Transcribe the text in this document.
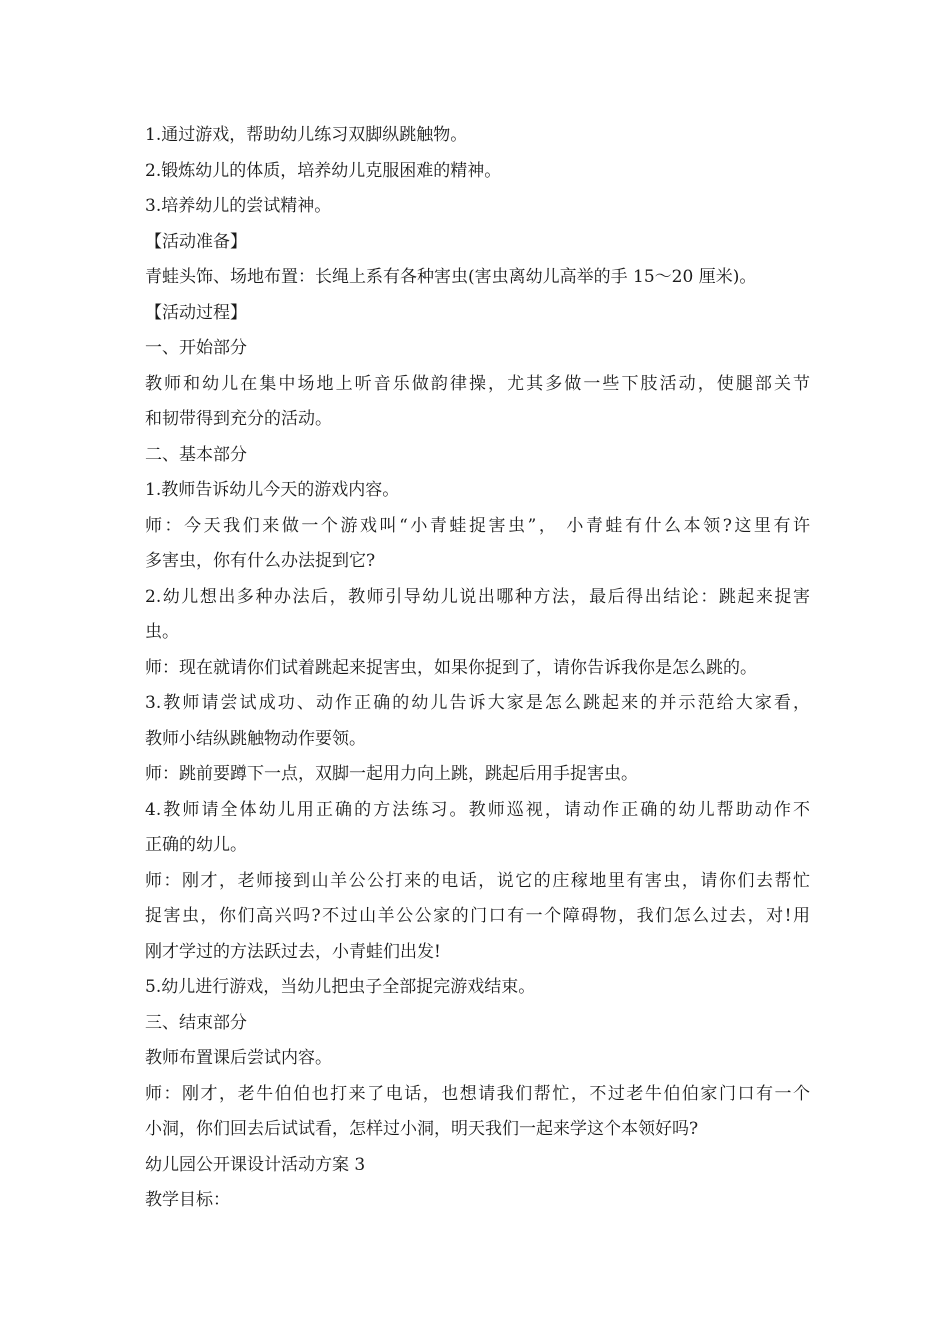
1.通过游戏，帮助幼儿练习双脚纵跳触物。
2.锻炼幼儿的体质，培养幼儿克服困难的精神。
3.培养幼儿的尝试精神。
【活动准备】
青蛙头饰、场地布置：长绳上系有各种害虫(害虫离幼儿高举的手 15～20 厘米)。
【活动过程】
一、开始部分
教师和幼儿在集中场地上听音乐做韵律操，尤其多做一些下肢活动，使腿部关节
和韧带得到充分的活动。
二、基本部分
1.教师告诉幼儿今天的游戏内容。
师：今天我们来做一个游戏叫“小青蛙捉害虫”， 小青蛙有什么本领?这里有许
多害虫，你有什么办法捉到它?
2.幼儿想出多种办法后，教师引导幼儿说出哪种方法，最后得出结论：跳起来捉害
虫。
师：现在就请你们试着跳起来捉害虫，如果你捉到了，请你告诉我你是怎么跳的。
3.教师请尝试成功、动作正确的幼儿告诉大家是怎么跳起来的并示范给大家看，
教师小结纵跳触物动作要领。
师：跳前要蹲下一点，双脚一起用力向上跳，跳起后用手捉害虫。
4.教师请全体幼儿用正确的方法练习。教师巡视，请动作正确的幼儿帮助动作不
正确的幼儿。
师：刚才，老师接到山羊公公打来的电话，说它的庄稼地里有害虫，请你们去帮忙
捉害虫，你们高兴吗?不过山羊公公家的门口有一个障碍物，我们怎么过去，对!用
刚才学过的方法跃过去，小青蛙们出发!
5.幼儿进行游戏，当幼儿把虫子全部捉完游戏结束。
三、结束部分
教师布置课后尝试内容。
师：刚才，老牛伯伯也打来了电话，也想请我们帮忙，不过老牛伯伯家门口有一个
小洞，你们回去后试试看，怎样过小洞，明天我们一起来学这个本领好吗?
幼儿园公开课设计活动方案 3
教学目标：
